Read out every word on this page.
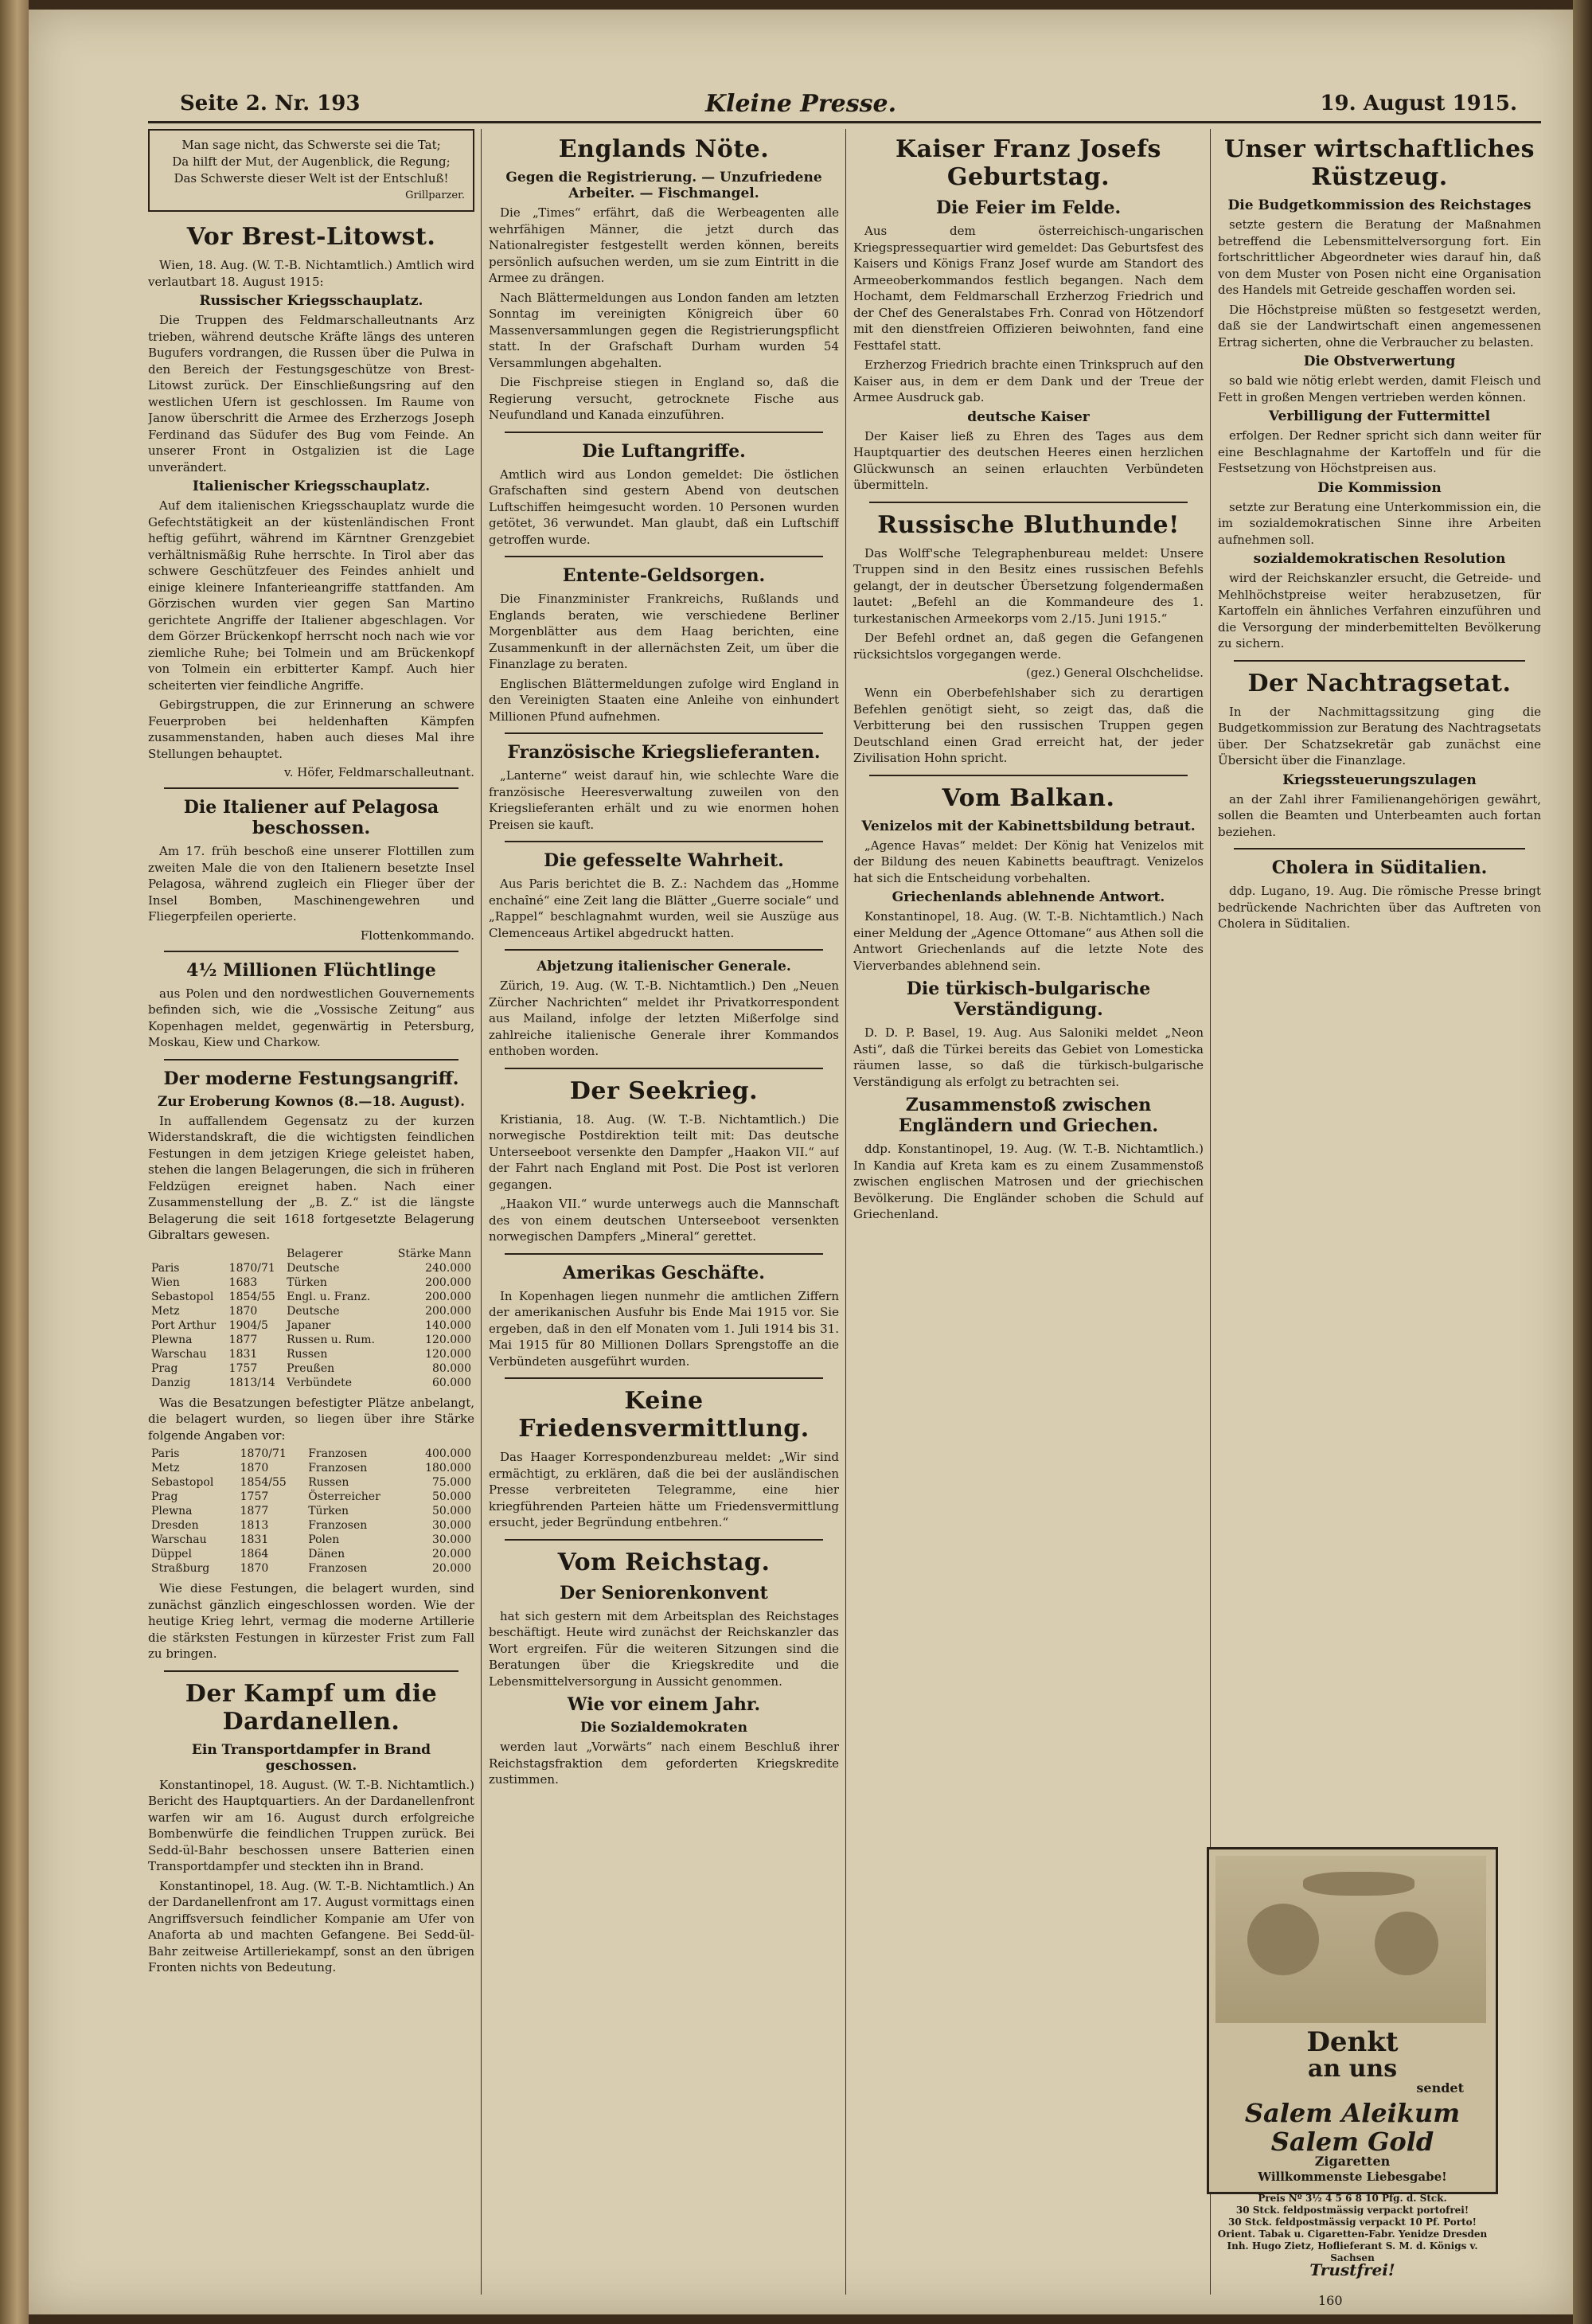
Seite 2. Nr. 193	Kleine Presse.	19. August 1915.
Man sage nicht, das Schwerste sei die Tat;
Da hilft der Mut, der Augenblick, die Regung;
Das Schwerste dieser Welt ist der Entschluß!
Grillparzer.
Vor Brest-Litowst.

Wien, 18. Aug. (W. T.-B. Nichtamtlich.) Amtlich wird verlautbart 18. August 1915:

Russischer Kriegsschauplatz.

Die Truppen des Feldmarschalleutnants Arz trieben, während deutsche Kräfte längs des unteren Bugufers vordrangen, die Russen über die Pulwa in den Bereich der Festungsgeschütze von Brest-Litowst zurück. Der Einschließungsring auf den westlichen Ufern ist geschlossen. Im Raume von Janow überschritt die Armee des Erzherzogs Joseph Ferdinand das Südufer des Bug vom Feinde. An unserer Front in Ostgalizien ist die Lage unverändert.

Italienischer Kriegsschauplatz.

Auf dem italienischen Kriegsschauplatz wurde die Gefechtstätigkeit an der küstenländischen Front heftig geführt, während im Kärntner Grenzgebiet verhältnismäßig Ruhe herrschte. In Tirol aber das schwere Geschützfeuer des Feindes anhielt und einige kleinere Infanterieangriffe stattfanden. Am Görzischen wurden vier gegen San Martino gerichtete Angriffe der Italiener abgeschlagen. Vor dem Görzer Brückenkopf herrscht noch nach wie vor ziemliche Ruhe; bei Tolmein und am Brückenkopf von Tolmein ein erbitterter Kampf. Auch hier scheiterten vier feindliche Angriffe.

Gebirgstruppen, die zur Erinnerung an schwere Feuerproben bei heldenhaften Kämpfen zusammenstanden, haben auch dieses Mal ihre Stellungen behauptet.

v. Höfer, Feldmarschalleutnant.
Die Italiener auf Pelagosa beschossen.

Am 17. früh beschoß eine unserer Flottillen zum zweiten Male die von den Italienern besetzte Insel Pelagosa, während zugleich ein Flieger über der Insel Bomben, Maschinengewehren und Fliegerpfeilen operierte.

Flottenkommando.
4½ Millionen Flüchtlinge

aus Polen und den nordwestlichen Gouvernements befinden sich, wie die „Vossische Zeitung“ aus Kopenhagen meldet, gegenwärtig in Petersburg, Moskau, Kiew und Charkow.

Der moderne Festungsangriff.
Zur Eroberung Kownos (8.—18. August).

In auffallendem Gegensatz zu der kurzen Widerstandskraft, die die wichtigsten feindlichen Festungen in dem jetzigen Kriege geleistet haben, stehen die langen Belagerungen, die sich in früheren Feldzügen ereignet haben. Nach einer Zusammenstellung der „B. Z.“ ist die längste Belagerung die seit 1618 fortgesetzte Belagerung Gibraltars gewesen.

		Belagerer	Stärke Mann
Paris	1870/71	Deutsche	240.000
Wien	1683	Türken	200.000
Sebastopol	1854/55	Engl. u. Franz.	200.000
Metz	1870	Deutsche	200.000
Port Arthur	1904/5	Japaner	140.000
Plewna	1877	Russen u. Rum.	120.000
Warschau	1831	Russen	120.000
Prag	1757	Preußen	80.000
Danzig	1813/14	Verbündete	60.000

Was die Besatzungen befestigter Plätze anbelangt, die belagert wurden, so liegen über ihre Stärke folgende Angaben vor:

Paris	1870/71	Franzosen	400.000
Metz	1870	Franzosen	180.000
Sebastopol	1854/55	Russen	75.000
Prag	1757	Österreicher	50.000
Plewna	1877	Türken	50.000
Dresden	1813	Franzosen	30.000
Warschau	1831	Polen	30.000
Düppel	1864	Dänen	20.000
Straßburg	1870	Franzosen	20.000

Wie diese Festungen, die belagert wurden, sind zunächst gänzlich eingeschlossen worden. Wie der heutige Krieg lehrt, vermag die moderne Artillerie die stärksten Festungen in kürzester Frist zum Fall zu bringen.

Der Kampf um die Dardanellen.
Ein Transportdampfer in Brand geschossen.

Konstantinopel, 18. August. (W. T.-B. Nichtamtlich.) Bericht des Hauptquartiers. An der Dardanellenfront warfen wir am 16. August durch erfolgreiche Bombenwürfe die feindlichen Truppen zurück. Bei Sedd-ül-Bahr beschossen unsere Batterien einen Transportdampfer und steckten ihn in Brand.

Konstantinopel, 18. Aug. (W. T.-B. Nichtamtlich.) An der Dardanellenfront am 17. August vormittags einen Angriffsversuch feindlicher Kompanie am Ufer von Anaforta ab und machten Gefangene. Bei Sedd-ül-Bahr zeitweise Artilleriekampf, sonst an den übrigen Fronten nichts von Bedeutung.

Englands Nöte.
Gegen die Registrierung. — Unzufriedene Arbeiter. — Fischmangel.

Die „Times“ erfährt, daß die Werbeagenten alle wehrfähigen Männer, die jetzt durch das Nationalregister festgestellt werden können, bereits persönlich aufsuchen werden, um sie zum Eintritt in die Armee zu drängen.

Nach Blättermeldungen aus London fanden am letzten Sonntag im vereinigten Königreich über 60 Massenversammlungen gegen die Registrierungspflicht statt. In der Grafschaft Durham wurden 54 Versammlungen abgehalten.

Die Fischpreise stiegen in England so, daß die Regierung versucht, getrocknete Fische aus Neufundland und Kanada einzuführen.

Die Luftangriffe.

Amtlich wird aus London gemeldet: Die östlichen Grafschaften sind gestern Abend von deutschen Luftschiffen heimgesucht worden. 10 Personen wurden getötet, 36 verwundet. Man glaubt, daß ein Luftschiff getroffen wurde.

Entente-Geldsorgen.

Die Finanzminister Frankreichs, Rußlands und Englands beraten, wie verschiedene Berliner Morgenblätter aus dem Haag berichten, eine Zusammenkunft in der allernächsten Zeit, um über die Finanzlage zu beraten.

Englischen Blättermeldungen zufolge wird England in den Vereinigten Staaten eine Anleihe von einhundert Millionen Pfund aufnehmen.

Französische Kriegslieferanten.

„Lanterne“ weist darauf hin, wie schlechte Ware die französische Heeresverwaltung zuweilen von den Kriegslieferanten erhält und zu wie enormen hohen Preisen sie kauft.

Die gefesselte Wahrheit.

Aus Paris berichtet die B. Z.: Nachdem das „Homme enchaîné“ eine Zeit lang die Blätter „Guerre sociale“ und „Rappel“ beschlagnahmt wurden, weil sie Auszüge aus Clemenceaus Artikel abgedruckt hatten.

Abjetzung italienischer Generale.

Zürich, 19. Aug. (W. T.-B. Nichtamtlich.) Den „Neuen Zürcher Nachrichten“ meldet ihr Privatkorrespondent aus Mailand, infolge der letzten Mißerfolge sind zahlreiche italienische Generale ihrer Kommandos enthoben worden.

Der Seekrieg.

Kristiania, 18. Aug. (W. T.-B. Nichtamtlich.) Die norwegische Postdirektion teilt mit: Das deutsche Unterseeboot versenkte den Dampfer „Haakon VII.“ auf der Fahrt nach England mit Post. Die Post ist verloren gegangen.

„Haakon VII.“ wurde unterwegs auch die Mannschaft des von einem deutschen Unterseeboot versenkten norwegischen Dampfers „Mineral“ gerettet.

Amerikas Geschäfte.

In Kopenhagen liegen nunmehr die amtlichen Ziffern der amerikanischen Ausfuhr bis Ende Mai 1915 vor. Sie ergeben, daß in den elf Monaten vom 1. Juli 1914 bis 31. Mai 1915 für 80 Millionen Dollars Sprengstoffe an die Verbündeten ausgeführt wurden.

Keine Friedensvermittlung.

Das Haager Korrespondenzbureau meldet: „Wir sind ermächtigt, zu erklären, daß die bei der ausländischen Presse verbreiteten Telegramme, eine hier kriegführenden Parteien hätte um Friedensvermittlung ersucht, jeder Begründung entbehren.“

Vom Reichstag.
Der Seniorenkonvent

hat sich gestern mit dem Arbeitsplan des Reichstages beschäftigt. Heute wird zunächst der Reichskanzler das Wort ergreifen. Für die weiteren Sitzungen sind die Beratungen über die Kriegskredite und die Lebensmittelversorgung in Aussicht genommen.

Wie vor einem Jahr.
Die Sozialdemokraten

werden laut „Vorwärts“ nach einem Beschluß ihrer Reichstagsfraktion dem geforderten Kriegskredite zustimmen.

Kaiser Franz Josefs Geburtstag.
Die Feier im Felde.

Aus dem österreichisch-ungarischen Kriegspressequartier wird gemeldet: Das Geburtsfest des Kaisers und Königs Franz Josef wurde am Standort des Armeeoberkommandos festlich begangen. Nach dem Hochamt, dem Feldmarschall Erzherzog Friedrich und der Chef des Generalstabes Frh. Conrad von Hötzendorf mit den dienstfreien Offizieren beiwohnten, fand eine Festtafel statt.

Erzherzog Friedrich brachte einen Trinkspruch auf den Kaiser aus, in dem er dem Dank und der Treue der Armee Ausdruck gab.

deutsche Kaiser

Der Kaiser ließ zu Ehren des Tages aus dem Hauptquartier des deutschen Heeres einen herzlichen Glückwunsch an seinen erlauchten Verbündeten übermitteln.

Russische Bluthunde!

Das Wolff'sche Telegraphenbureau meldet: Unsere Truppen sind in den Besitz eines russischen Befehls gelangt, der in deutscher Übersetzung folgendermaßen lautet: „Befehl an die Kommandeure des 1. turkestanischen Armeekorps vom 2./15. Juni 1915.“

Der Befehl ordnet an, daß gegen die Gefangenen rücksichtslos vorgegangen werde.

(gez.) General Olschchelidse.

Wenn ein Oberbefehlshaber sich zu derartigen Befehlen genötigt sieht, so zeigt das, daß die Verbitterung bei den russischen Truppen gegen Deutschland einen Grad erreicht hat, der jeder Zivilisation Hohn spricht.

Vom Balkan.
Venizelos mit der Kabinettsbildung betraut.

„Agence Havas“ meldet: Der König hat Venizelos mit der Bildung des neuen Kabinetts beauftragt. Venizelos hat sich die Entscheidung vorbehalten.

Griechenlands ablehnende Antwort.

Konstantinopel, 18. Aug. (W. T.-B. Nichtamtlich.) Nach einer Meldung der „Agence Ottomane“ aus Athen soll die Antwort Griechenlands auf die letzte Note des Vierverbandes ablehnend sein.

Die türkisch-bulgarische Verständigung.

D. D. P. Basel, 19. Aug. Aus Saloniki meldet „Neon Asti“, daß die Türkei bereits das Gebiet von Lomesticka räumen lasse, so daß die türkisch-bulgarische Verständigung als erfolgt zu betrachten sei.

Zusammenstoß zwischen Engländern und Griechen.

ddp. Konstantinopel, 19. Aug. (W. T.-B. Nichtamtlich.) In Kandia auf Kreta kam es zu einem Zusammenstoß zwischen englischen Matrosen und der griechischen Bevölkerung. Die Engländer schoben die Schuld auf Griechenland.

Unser wirtschaftliches Rüstzeug.
Die Budgetkommission des Reichstages

setzte gestern die Beratung der Maßnahmen betreffend die Lebensmittelversorgung fort. Ein fortschrittlicher Abgeordneter wies darauf hin, daß von dem Muster von Posen nicht eine Organisation des Handels mit Getreide geschaffen worden sei.

Die Höchstpreise müßten so festgesetzt werden, daß sie der Landwirtschaft einen angemessenen Ertrag sicherten, ohne die Verbraucher zu belasten.

Die Obstverwertung

so bald wie nötig erlebt werden, damit Fleisch und Fett in großen Mengen vertrieben werden können.

Verbilligung der Futtermittel

erfolgen. Der Redner spricht sich dann weiter für eine Beschlagnahme der Kartoffeln und für die Festsetzung von Höchstpreisen aus.

Die Kommission

setzte zur Beratung eine Unterkommission ein, die im sozialdemokratischen Sinne ihre Arbeiten aufnehmen soll.

sozialdemokratischen Resolution

wird der Reichskanzler ersucht, die Getreide- und Mehlhöchstpreise weiter herabzusetzen, für Kartoffeln ein ähnliches Verfahren einzuführen und die Versorgung der minderbemittelten Bevölkerung zu sichern.

Der Nachtragsetat.

In der Nachmittagssitzung ging die Budgetkommission zur Beratung des Nachtragsetats über. Der Schatzsekretär gab zunächst eine Übersicht über die Finanzlage.

Kriegssteuerungszulagen

an der Zahl ihrer Familienangehörigen gewährt, sollen die Beamten und Unterbeamten auch fortan beziehen.

Cholera in Süditalien.

ddp. Lugano, 19. Aug. Die römische Presse bringt bedrückende Nachrichten über das Auftreten von Cholera in Süditalien.

Denkt
an uns
sendet
Salem Aleikum
Salem Gold
Zigaretten
Willkommenste Liebesgabe!
Preis Nº 3½ 4 5 6 8 10 Pfg. d. Stck.
30 Stck. feldpostmässig verpackt portofrei!
30 Stck. feldpostmässig verpackt 10 Pf. Porto!
Orient. Tabak u. Cigaretten-Fabr. Yenidze Dresden
Inh. Hugo Zietz, Hoflieferant S. M. d. Königs v. Sachsen
Trustfrei!
160
